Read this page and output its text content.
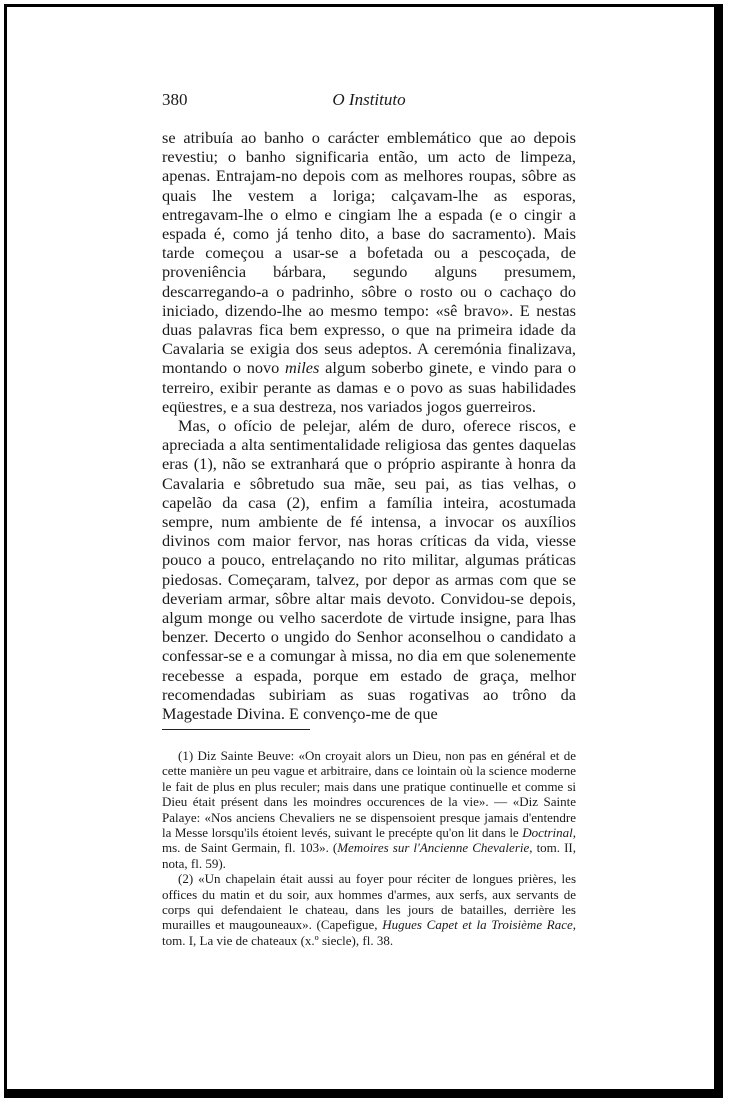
380	O Instituto

se atribuía ao banho o carácter emblemático que ao depois revestiu; o banho significaria então, um acto de limpeza, apenas. Entrajam-no depois com as melhores roupas, sôbre as quais lhe vestem a loriga; calçavam-lhe as esporas, entregavam-lhe o elmo e cingiam lhe a espada (e o cingir a espada é, como já tenho dito, a base do sacramento). Mais tarde começou a usar-se a bofetada ou a pescoçada, de proveniência bárbara, segundo alguns presumem, descarregando-a o padrinho, sôbre o rosto ou o cachaço do iniciado, dizendo-lhe ao mesmo tempo: «sê bravo». E nestas duas palavras fica bem expresso, o que na primeira idade da Cavalaria se exigia dos seus adeptos. A ceremónia finalizava, montando o novo miles algum soberbo ginete, e vindo para o terreiro, exibir perante as damas e o povo as suas habilidades eqüestres, e a sua destreza, nos variados jogos guerreiros.

Mas, o ofício de pelejar, além de duro, oferece riscos, e apreciada a alta sentimentalidade religiosa das gentes daquelas eras (1), não se extranhará que o próprio aspirante à honra da Cavalaria e sôbretudo sua mãe, seu pai, as tias velhas, o capelão da casa (2), enfim a família inteira, acostumada sempre, num ambiente de fé intensa, a invocar os auxílios divinos com maior fervor, nas horas críticas da vida, viesse pouco a pouco, entrelaçando no rito militar, algumas práticas piedosas. Começaram, talvez, por depor as armas com que se deveriam armar, sôbre altar mais devoto. Convidou-se depois, algum monge ou velho sacerdote de virtude insigne, para lhas benzer. Decerto o ungido do Senhor aconselhou o candidato a confessar-se e a comungar à missa, no dia em que solenemente recebesse a espada, porque em estado de graça, melhor recomendadas subiriam as suas rogativas ao trôno da Magestade Divina. E convenço-me de que

(1) Diz Sainte Beuve: «On croyait alors un Dieu, non pas en général et de cette manière un peu vague et arbitraire, dans ce lointain où la science moderne le fait de plus en plus reculer; mais dans une pratique continuelle et comme si Dieu était présent dans les moindres occurences de la vie». — «Diz Sainte Palaye: «Nos anciens Chevaliers ne se dispensoient presque jamais d'entendre la Messe lorsqu'ils étoient levés, suivant le precépte qu'on lit dans le Doctrinal, ms. de Saint Germain, fl. 103». (Memoires sur l'Ancienne Chevalerie, tom. II, nota, fl. 59).

(2) «Un chapelain était aussi au foyer pour réciter de longues prières, les offices du matin et du soir, aux hommes d'armes, aux serfs, aux servants de corps qui defendaient le chateau, dans les jours de batailles, derrière les murailles et maugouneaux». (Capefigue, Hugues Capet et la Troisième Race, tom. I, La vie de chateaux (x.º siecle), fl. 38.
